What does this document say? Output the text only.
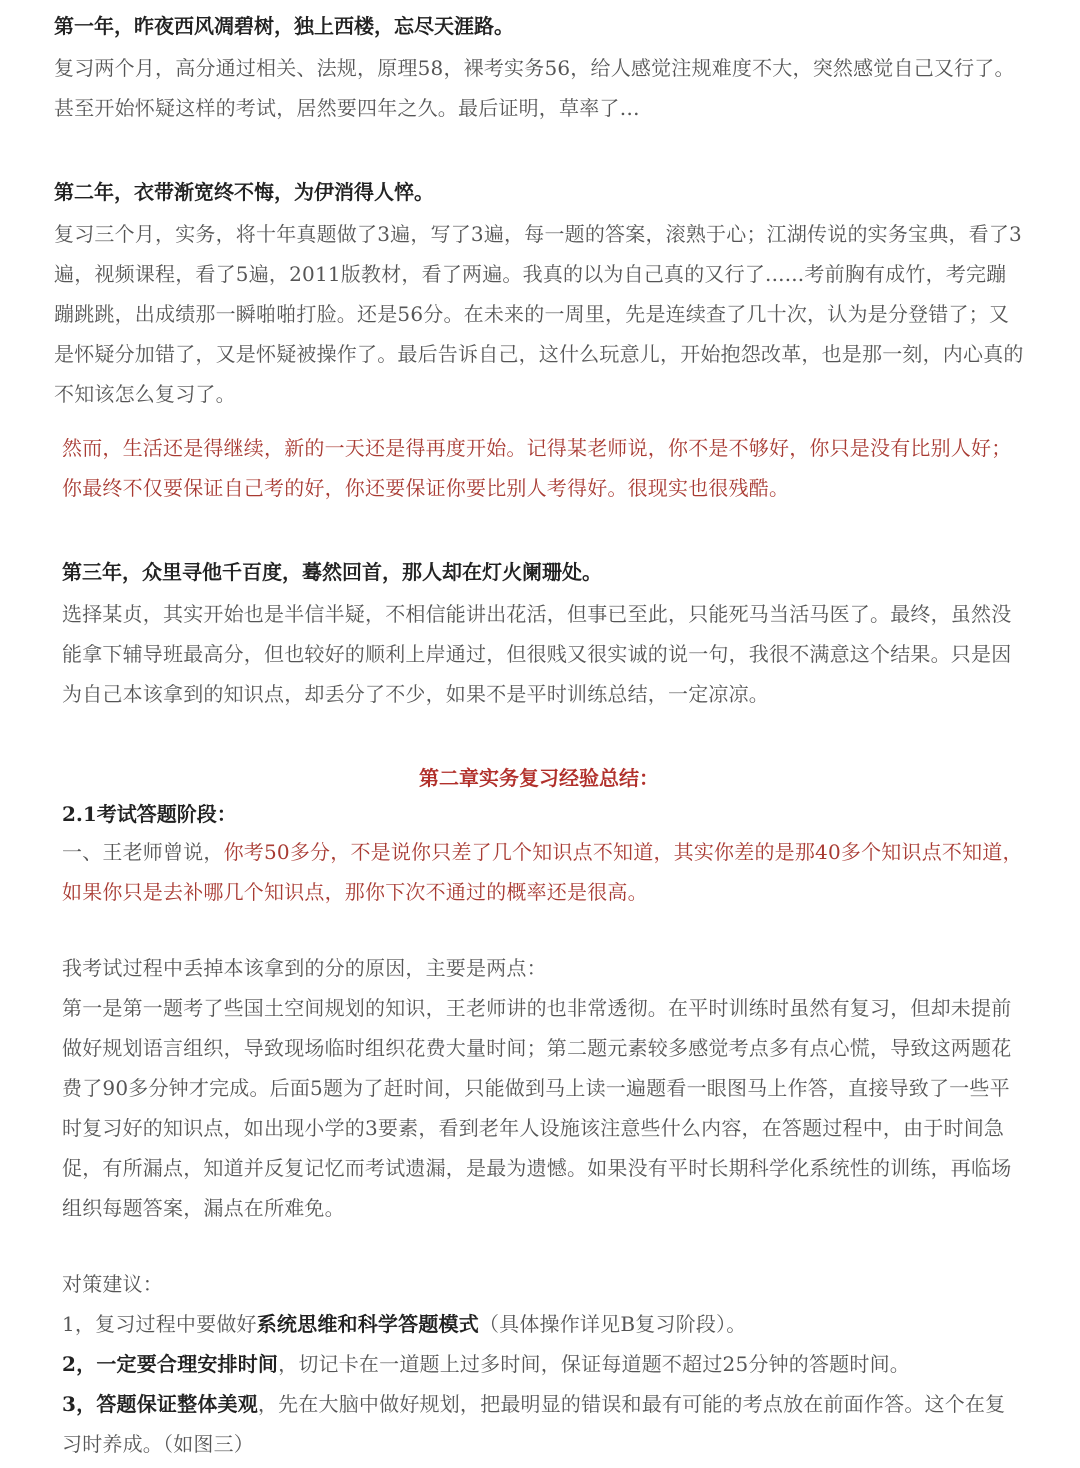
第一年，昨夜西风凋碧树，独上西楼，忘尽天涯路。

复习两个月，高分通过相关、法规，原理58，裸考实务56，给人感觉注规难度不大，突然感觉自己又行了。甚至开始怀疑这样的考试，居然要四年之久。最后证明，草率了…

第二年，衣带渐宽终不悔，为伊消得人悴。

复习三个月，实务，将十年真题做了3遍，写了3遍，每一题的答案，滚熟于心；江湖传说的实务宝典，看了3遍，视频课程，看了5遍，2011版教材，看了两遍。我真的以为自己真的又行了......考前胸有成竹，考完蹦蹦跳跳，出成绩那一瞬啪啪打脸。还是56分。在未来的一周里，先是连续查了几十次，认为是分登错了；又是怀疑分加错了，又是怀疑被操作了。最后告诉自己，这什么玩意儿，开始抱怨改革，也是那一刻，内心真的不知该怎么复习了。

然而，生活还是得继续，新的一天还是得再度开始。记得某老师说，你不是不够好，你只是没有比别人好；你最终不仅要保证自己考的好，你还要保证你要比别人考得好。很现实也很残酷。

第三年，众里寻他千百度，蓦然回首，那人却在灯火阑珊处。

选择某贞，其实开始也是半信半疑，不相信能讲出花活，但事已至此，只能死马当活马医了。最终，虽然没能拿下辅导班最高分，但也较好的顺利上岸通过，但很贱又很实诚的说一句，我很不满意这个结果。只是因为自己本该拿到的知识点，却丢分了不少，如果不是平时训练总结，一定凉凉。

第二章实务复习经验总结：

2.1考试答题阶段：

一、王老师曾说，你考50多分，不是说你只差了几个知识点不知道，其实你差的是那40多个知识点不知道，如果你只是去补哪几个知识点，那你下次不通过的概率还是很高。

我考试过程中丢掉本该拿到的分的原因，主要是两点：

第一是第一题考了些国土空间规划的知识，王老师讲的也非常透彻。在平时训练时虽然有复习，但却未提前做好规划语言组织，导致现场临时组织花费大量时间；第二题元素较多感觉考点多有点心慌，导致这两题花费了90多分钟才完成。后面5题为了赶时间，只能做到马上读一遍题看一眼图马上作答，直接导致了一些平时复习好的知识点，如出现小学的3要素，看到老年人设施该注意些什么内容，在答题过程中，由于时间急促，有所漏点，知道并反复记忆而考试遗漏，是最为遗憾。如果没有平时长期科学化系统性的训练，再临场组织每题答案，漏点在所难免。

对策建议：

1，复习过程中要做好系统思维和科学答题模式（具体操作详见B复习阶段）。

2，一定要合理安排时间，切记卡在一道题上过多时间，保证每道题不超过25分钟的答题时间。

3，答题保证整体美观，先在大脑中做好规划，把最明显的错误和最有可能的考点放在前面作答。这个在复习时养成。（如图三）
